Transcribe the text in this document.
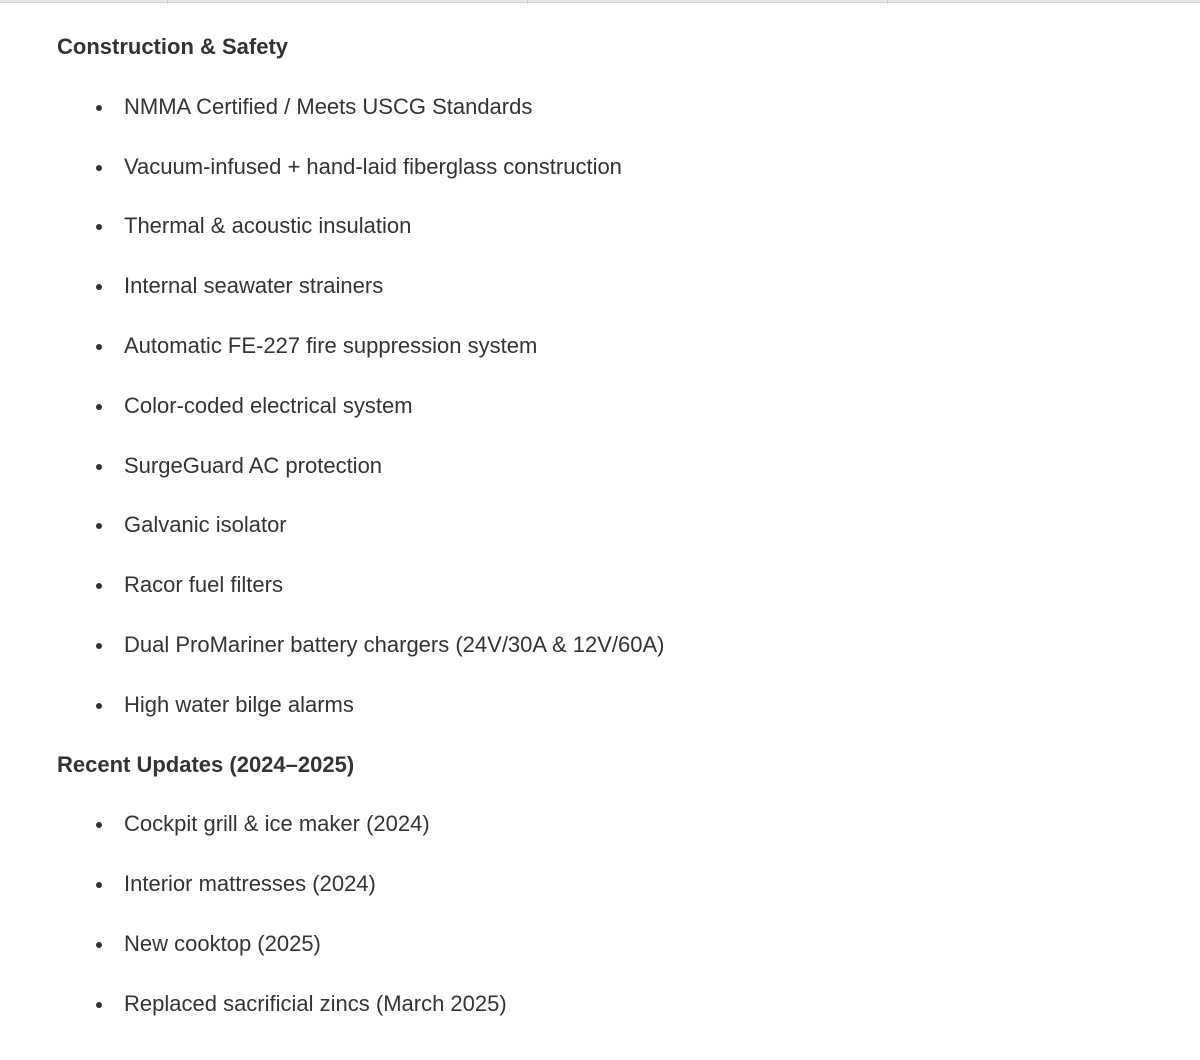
Construction & Safety
NMMA Certified / Meets USCG Standards
Vacuum-infused + hand-laid fiberglass construction
Thermal & acoustic insulation
Internal seawater strainers
Automatic FE-227 fire suppression system
Color-coded electrical system
SurgeGuard AC protection
Galvanic isolator
Racor fuel filters
Dual ProMariner battery chargers (24V/30A & 12V/60A)
High water bilge alarms
Recent Updates (2024–2025)
Cockpit grill & ice maker (2024)
Interior mattresses (2024)
New cooktop (2025)
Replaced sacrificial zincs (March 2025)
